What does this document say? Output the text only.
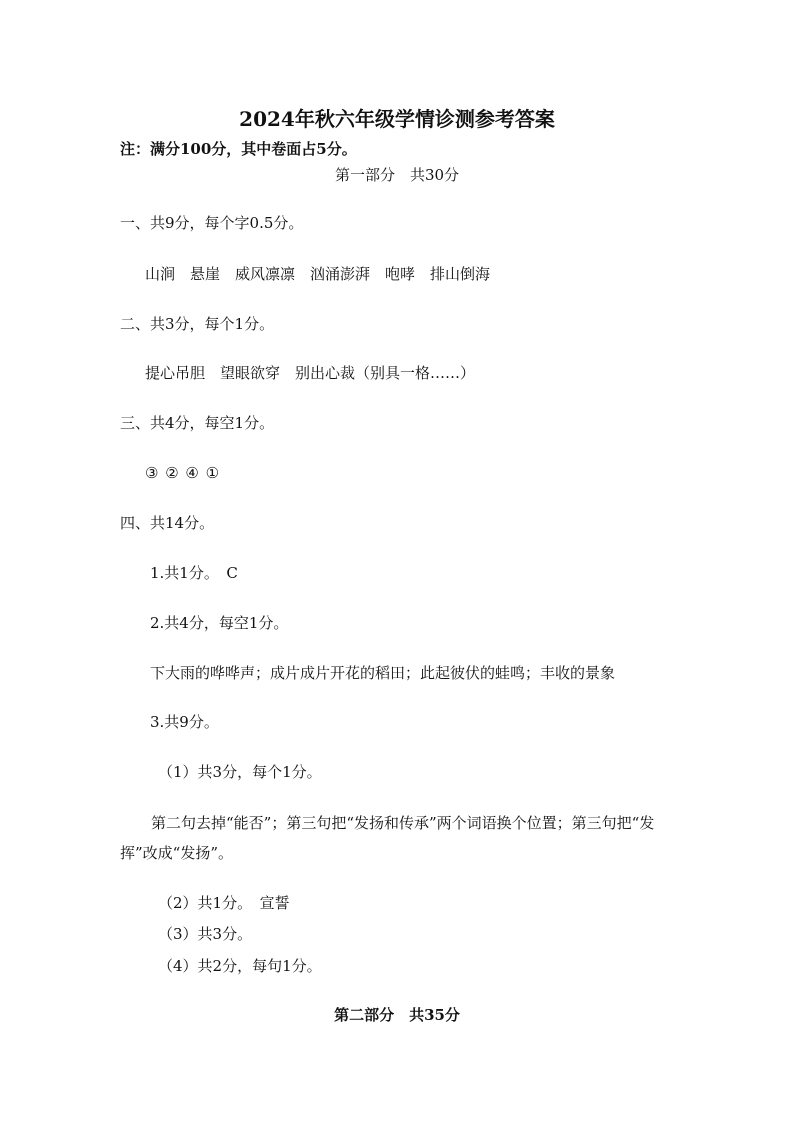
2024年秋六年级学情诊测参考答案
注：满分100分，其中卷面占5分。
第一部分　共30分
一、共9分，每个字0.5分。
山涧　悬崖　威风凛凛　汹涌澎湃　咆哮　排山倒海
二、共3分，每个1分。
提心吊胆　望眼欲穿　别出心裁（别具一格……）
三、共4分，每空1分。
③ ② ④ ①
四、共14分。
1.共1分。　C
2.共4分，每空1分。
下大雨的哗哗声；成片成片开花的稻田；此起彼伏的蛙鸣；丰收的景象
3.共9分。
（1）共3分，每个1分。
第二句去掉“能否”；第三句把“发扬和传承”两个词语换个位置；第三句把“发挥”改成“发扬”。
（2）共1分。　宣誓
（3）共3分。
（4）共2分，每句1分。
第二部分　共35分
